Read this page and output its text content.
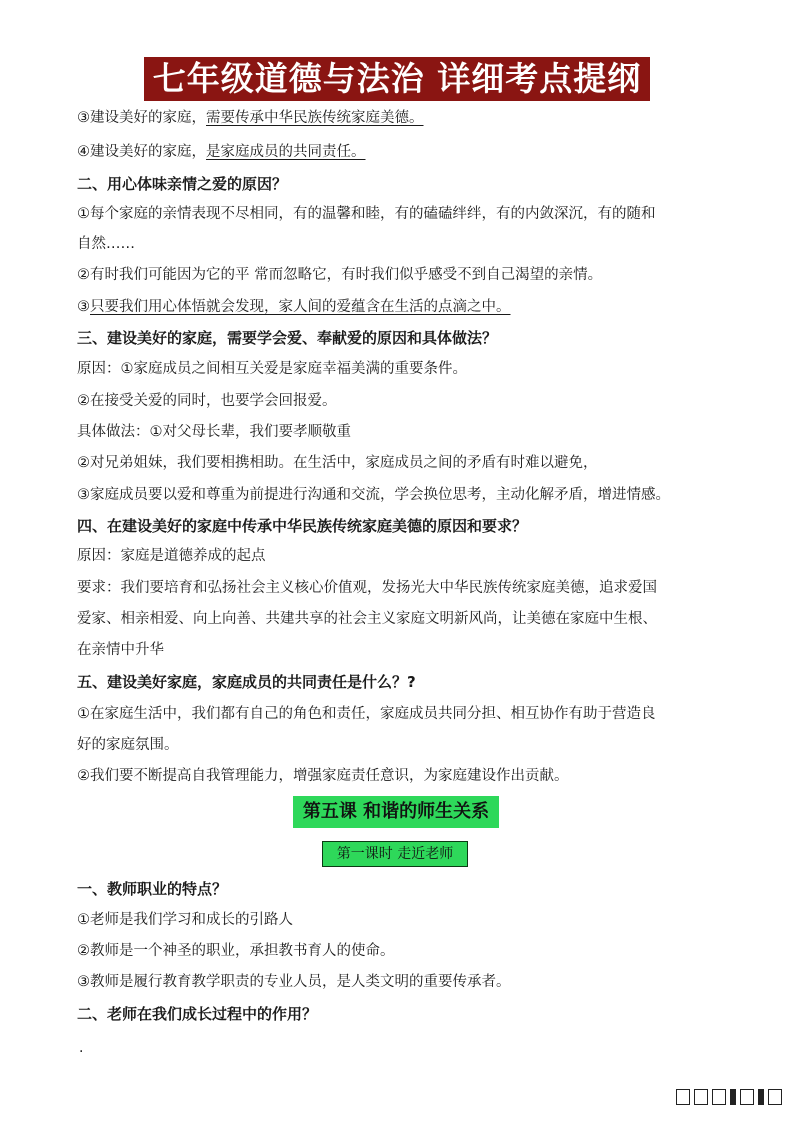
七年级道德与法治 详细考点提纲
③建设美好的家庭，需要传承中华民族传统家庭美德。
④建设美好的家庭，是家庭成员的共同责任。
二、用心体味亲情之爱的原因？
①每个家庭的亲情表现不尽相同，有的温馨和睦，有的磕磕绊绊，有的内敛深沉，有的随和
自然……
②有时我们可能因为它的平 常而忽略它，有时我们似乎感受不到自己渴望的亲情。
③只要我们用心体悟就会发现，家人间的爱蕴含在生活的点滴之中。
三、建设美好的家庭，需要学会爱、奉献爱的原因和具体做法？
原因：①家庭成员之间相互关爱是家庭幸福美满的重要条件。
②在接受关爱的同时，也要学会回报爱。
具体做法：①对父母长辈，我们要孝顺敬重
②对兄弟姐妹，我们要相携相助。在生活中，家庭成员之间的矛盾有时难以避免，
③家庭成员要以爱和尊重为前提进行沟通和交流，学会换位思考，主动化解矛盾，增进情感。
四、在建设美好的家庭中传承中华民族传统家庭美德的原因和要求？
原因：家庭是道德养成的起点
要求：我们要培育和弘扬社会主义核心价值观，发扬光大中华民族传统家庭美德，追求爱国
爱家、相亲相爱、向上向善、共建共享的社会主义家庭文明新风尚，让美德在家庭中生根、
在亲情中升华
五、建设美好家庭，家庭成员的共同责任是什么？?
①在家庭生活中，我们都有自己的角色和责任，家庭成员共同分担、相互协作有助于营造良
好的家庭氛围。
②我们要不断提高自我管理能力，增强家庭责任意识，为家庭建设作出贡献。
第五课 和谐的师生关系
第一课时 走近老师
一、教师职业的特点？
①老师是我们学习和成长的引路人
②教师是一个神圣的职业，承担教书育人的使命。
③教师是履行教育教学职责的专业人员，是人类文明的重要传承者。
二、老师在我们成长过程中的作用？
.
